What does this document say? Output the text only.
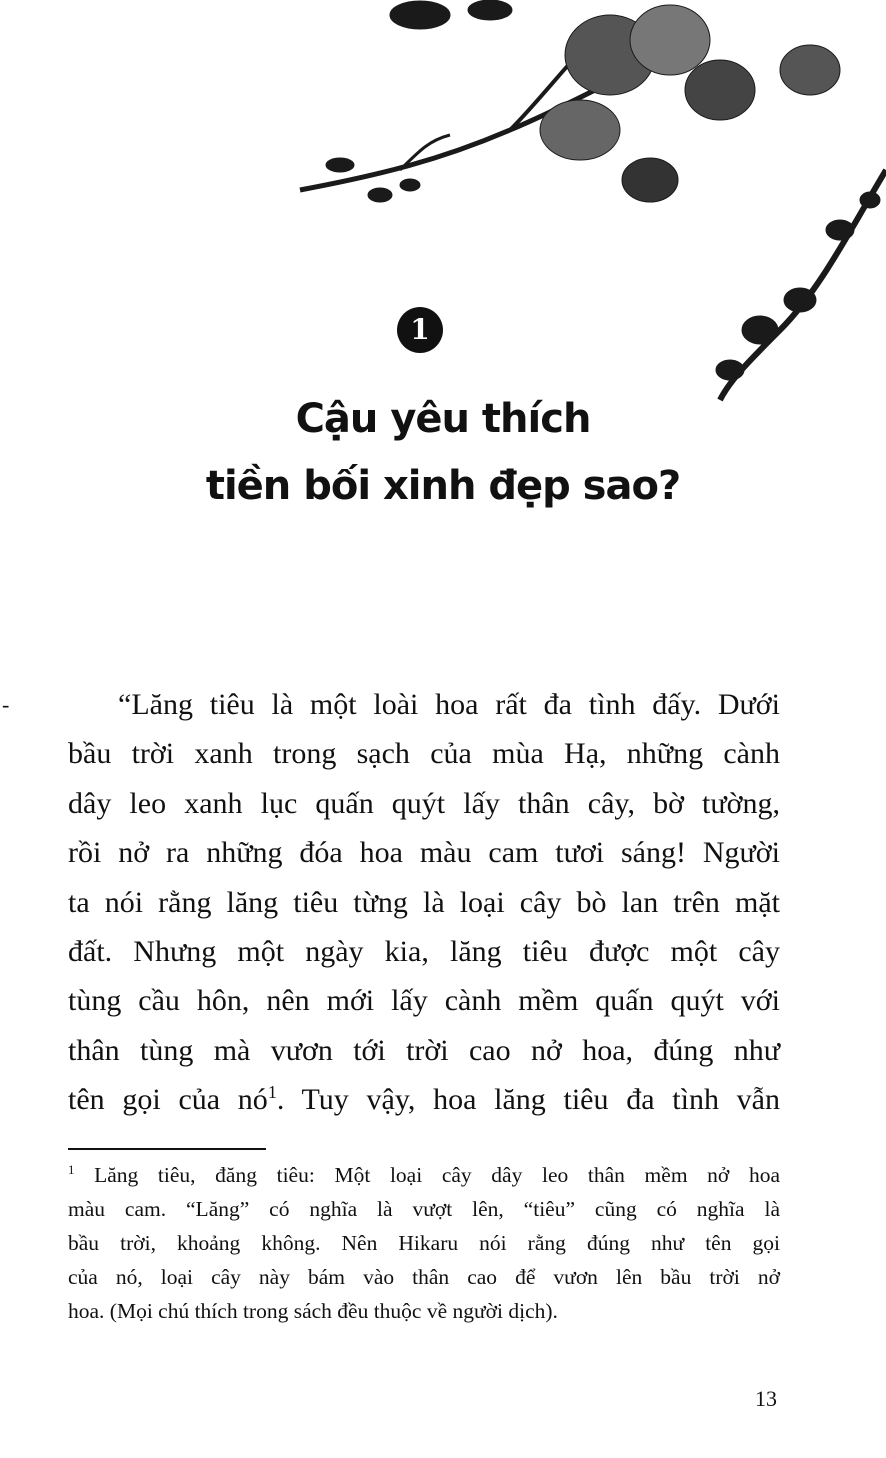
1
Cậu yêu thích
tiền bối xinh đẹp sao?
-	“Lăng tiêu là một loài hoa rất đa tình đấy. Dưới
bầu trời xanh trong sạch của mùa Hạ, những cành
dây leo xanh lục quấn quýt lấy thân cây, bờ tường,
rồi nở ra những đóa hoa màu cam tươi sáng! Người
ta nói rằng lăng tiêu từng là loại cây bò lan trên mặt
đất. Nhưng một ngày kia, lăng tiêu được một cây
tùng cầu hôn, nên mới lấy cành mềm quấn quýt với
thân tùng mà vươn tới trời cao nở hoa, đúng như
tên gọi của $nó^1$. Tuy vậy, hoa lăng tiêu đa tình vẫn
$^1$ Lăng tiêu, đăng tiêu: Một loại cây dây leo thân mềm nở hoa
màu cam. “Lăng” có nghĩa là vượt lên, “tiêu” cũng có nghĩa là
bầu trời, khoảng không. Nên Hikaru nói rằng đúng như tên gọi
của nó, loại cây này bám vào thân cao để vươn lên bầu trời nở
hoa. (Mọi chú thích trong sách đều thuộc về người dịch).
13
